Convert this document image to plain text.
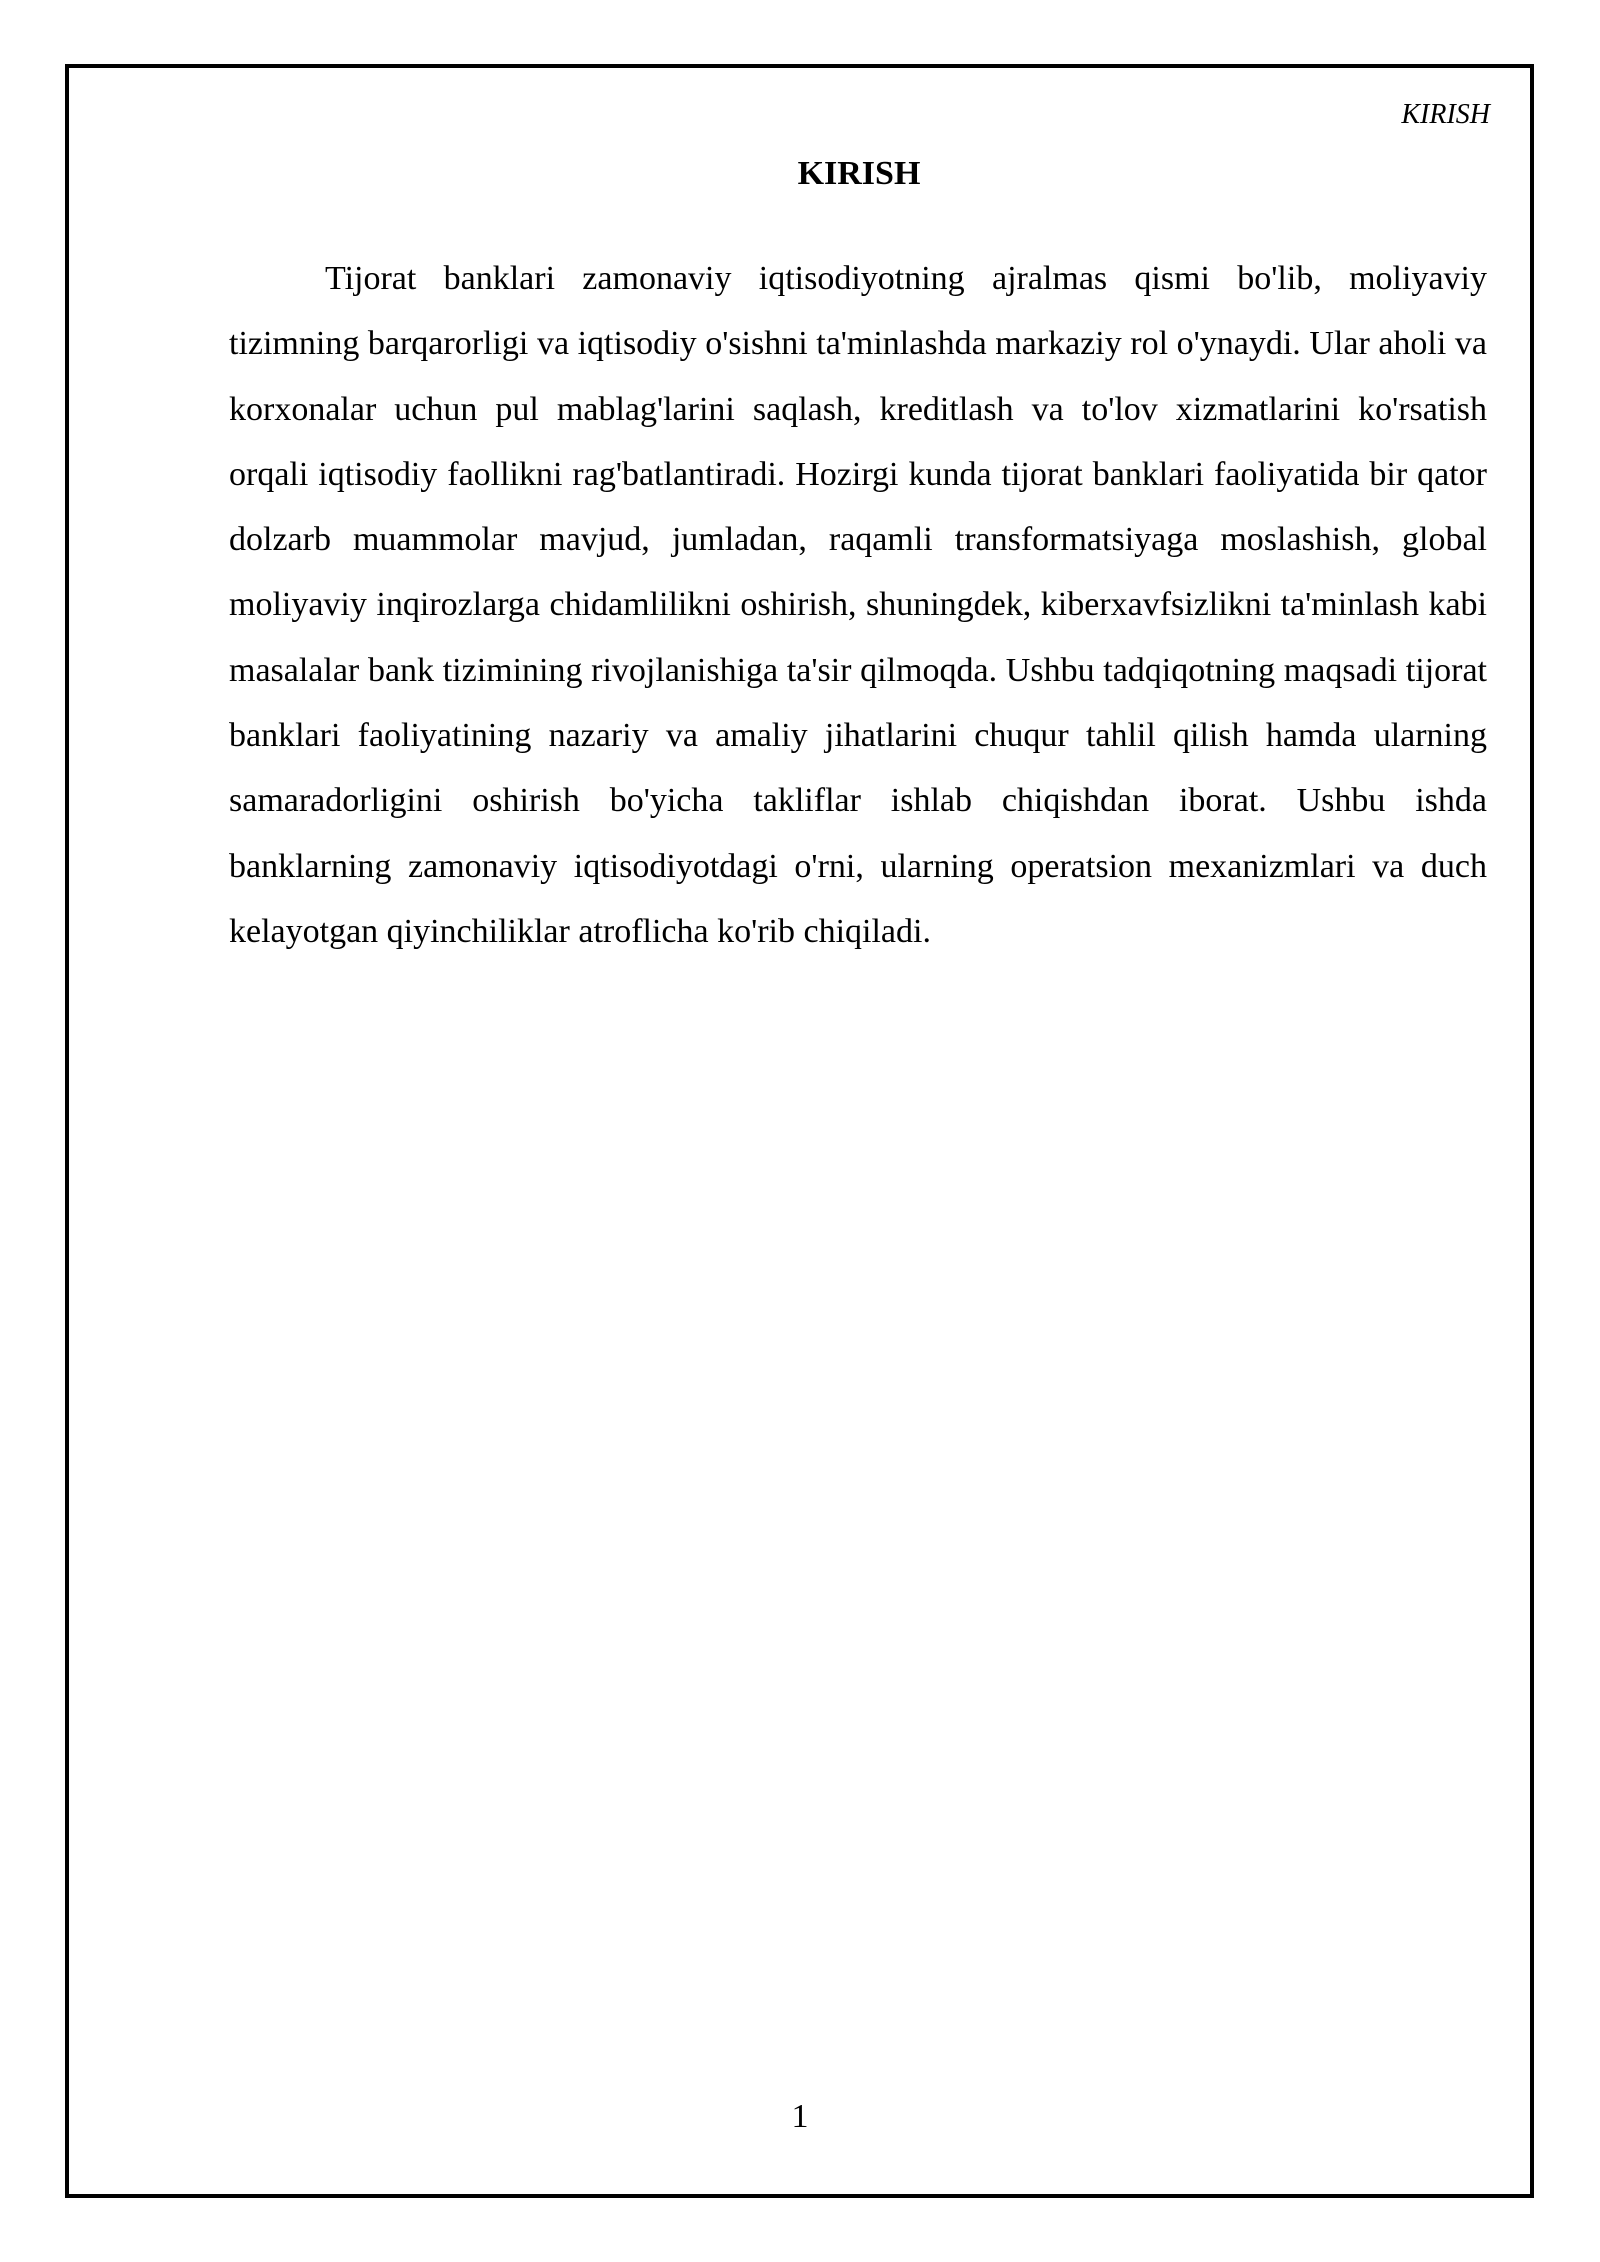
KIRISH
KIRISH

Tijorat banklari zamonaviy iqtisodiyotning ajralmas qismi bo'lib, moliyaviy tizimning barqarorligi va iqtisodiy o'sishni ta'minlashda markaziy rol o'ynaydi. Ular aholi va korxonalar uchun pul mablag'larini saqlash, kreditlash va to'lov xizmatlarini ko'rsatish orqali iqtisodiy faollikni rag'batlantiradi. Hozirgi kunda tijorat banklari faoliyatida bir qator dolzarb muammolar mavjud, jumladan, raqamli transformatsiyaga moslashish, global moliyaviy inqirozlarga chidamlilikni oshirish, shuningdek, kiberxavfsizlikni ta'minlash kabi masalalar bank tizimining rivojlanishiga ta'sir qilmoqda. Ushbu tadqiqotning maqsadi tijorat banklari faoliyatining nazariy va amaliy jihatlarini chuqur tahlil qilish hamda ularning samaradorligini oshirish bo'yicha takliflar ishlab chiqishdan iborat. Ushbu ishda banklarning zamonaviy iqtisodiyotdagi o'rni, ularning operatsion mexanizmlari va duch kelayotgan qiyinchiliklar atroflicha ko'rib chiqiladi.

1
